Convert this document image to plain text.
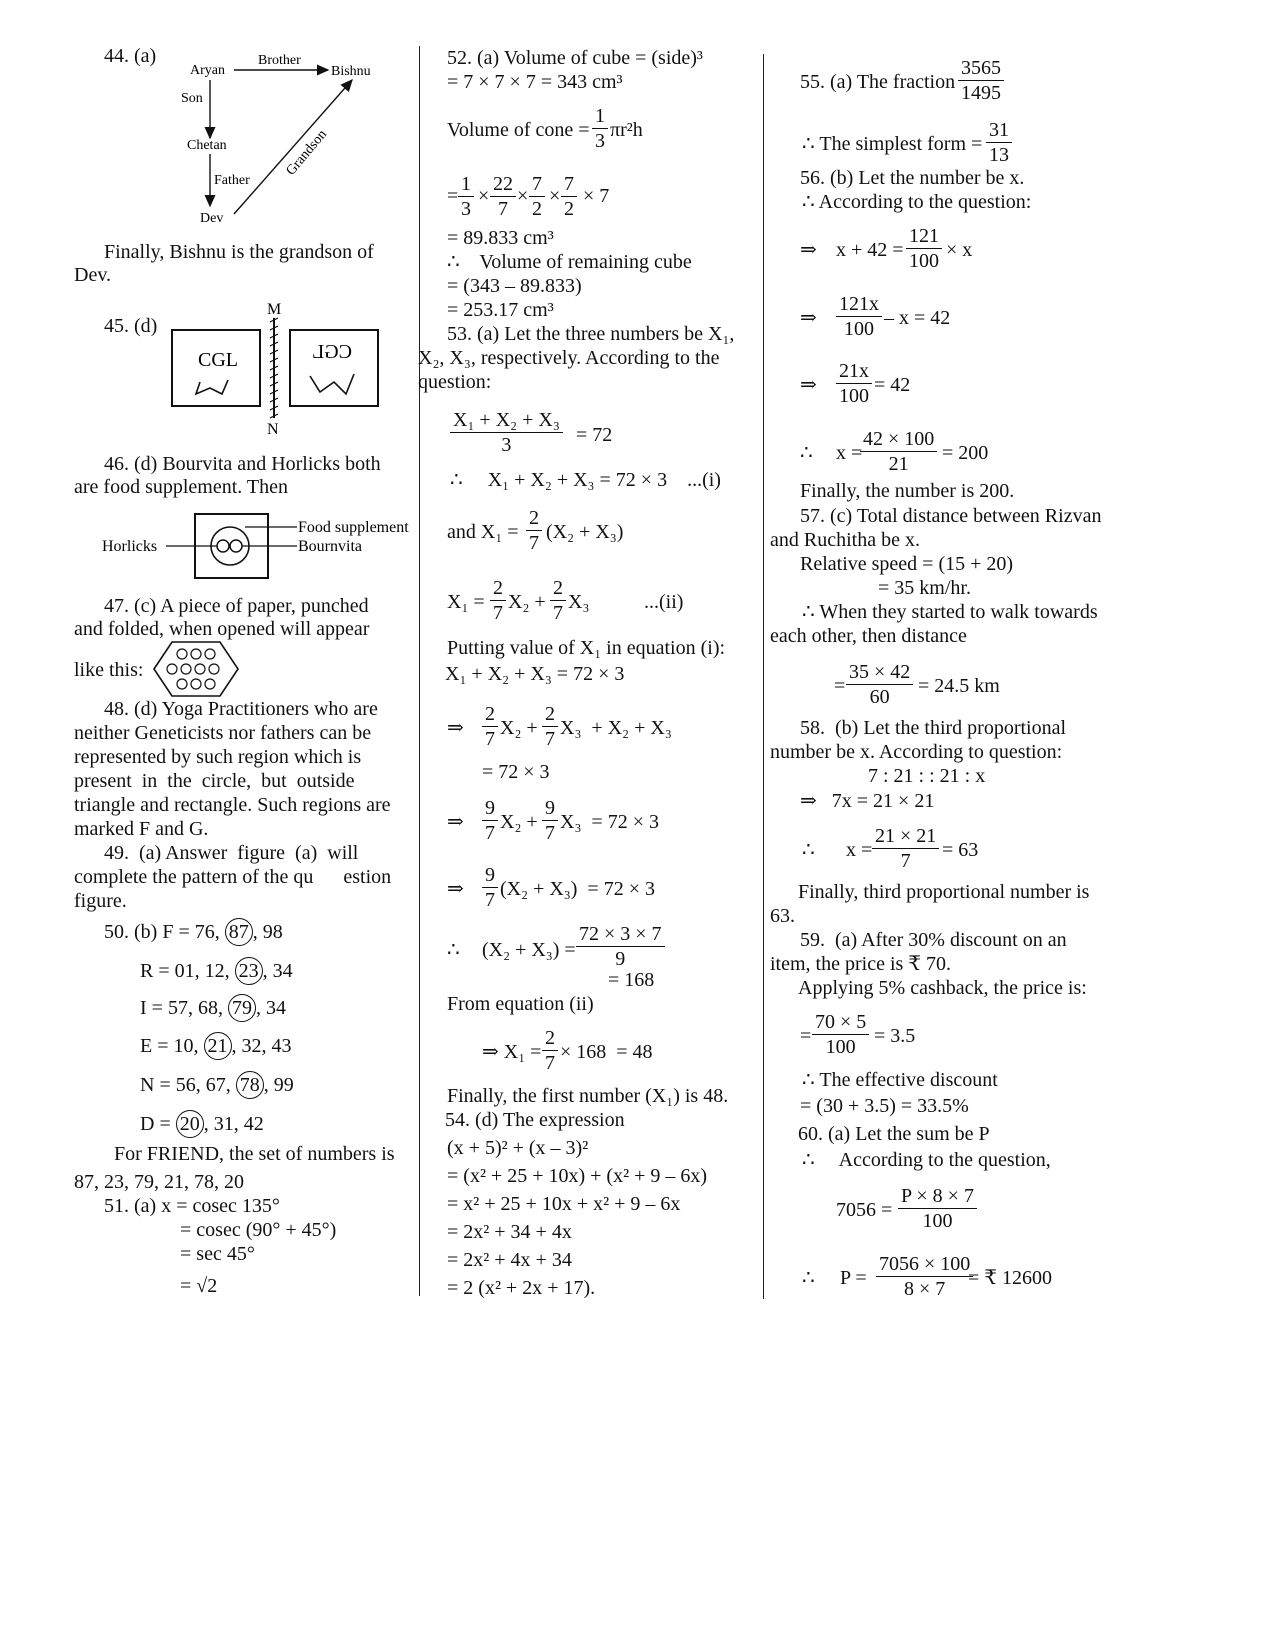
44. (a)
Aryan
Brother
Bishnu
Son
Chetan
Father
Dev
Grandson
Finally, Bishnu is the grandson of
Dev.
45. (d)
CGL
M
N
CGL
46. (d) Bourvita and Horlicks both
are food supplement. Then
Horlicks
Food supplement
Bournvita
47. (c) A piece of paper, punched
and folded, when opened will appear
like this:
48. (d) Yoga Practitioners who are
neither Geneticists nor fathers can be
represented by such region which is
present  in  the  circle,  but  outside
triangle and rectangle. Such regions are
marked F and G.
49.  (a) Answer  figure  (a)  will
complete the pattern of the qu      estion
figure.
50. (b) F = 76, 87 , 98
R = 01, 12, 23 , 34
I = 57, 68, 79 , 34
E = 10, 21 , 32, 43
N = 56, 67, 78 , 99
D = 20 , 31, 42
For FRIEND, the set of numbers is
87, 23, 79, 21, 78, 20
51. (a) x = cosec 135°
= cosec (90° + 45°)
= sec 45°
= √2
52. (a) Volume of cube = (side)³
= 7 × 7 × 7 = 343 cm³
Volume of cone = $\frac{1}{3} \pi r^2h$
= $\frac{1}{3} \times \frac{22}{7} \times \frac{7}{2} \times \frac{7}{2} \times 7$
= 89.833 cm³
∴    Volume of remaining cube
= (343 – 89.833)
= 253.17 cm³
53. (a) Let the three numbers be X₁,
X₂, X₃, respectively. According to the
question:
$\frac{\text{X₁ + X₂ + X₃}}{3} = 72$
∴     X₁ + X₂ + X₃ = 72 × 3    ...(i)
and $X_1 = \frac{2}{7} (X_2 + X_3)$
$X_1 = \frac{2}{7} X_2 + \frac{2}{7} X_3$	...(ii)
Putting value of X₁ in equation (i):
X₁ + X₂ + X₃ = 72 × 3
⇒ $\frac{2}{7} X_2 + \frac{2}{7} X_3 + X_2 + X_3$
= 72 × 3
⇒ $\frac{9}{7} X_2 + \frac{9}{7} X_3 = 72 \times 3$
⇒ $\frac{9}{7} (X_2 + X_3) = 72 \times 3$
∴ $(X_2 + X_3) = \frac{72 \times 3 \times 7}{9}$
= 168
From equation (ii)
⇒ $X_1 = \frac{2}{7} \times 168 = 48$
Finally, the first number (X₁) is 48.
54. (d) The expression
(x + 5)² + (x – 3)²
= (x² + 25 + 10x) + (x² + 9 – 6x)
= x² + 25 + 10x + x² + 9 – 6x
= 2x² + 34 + 4x
= 2x² + 4x + 34
= 2 (x² + 2x + 17).
55. (a) The fraction $\frac{3565}{1495}$
∴ The simplest form = $\frac{31}{13}$
56. (b) Let the number be x.
∴ According to the question:
⇒ $x + 42 = \frac{121}{100} \times x$
⇒ $\frac{121x}{100} - x = 42$
⇒ $\frac{21x}{100} = 42$
∴ x =
$\frac{42 \times 100}{21} = 200$
Finally, the number is 200.
57. (c) Total distance between Rizvan
and Ruchitha be x.
Relative speed = (15 + 20)
= 35 km/hr.
∴ When they started to walk towards
each other, then distance
= $\frac{35 \times 42}{60} = 24.5$ km
58.  (b) Let the third proportional
number be x. According to question:
7 : 21 : : 21 : x
⇒   7x = 21 × 21
∴ $x = \frac{21 \times 21}{7} = 63$
Finally, third proportional number is
63.
59.  (a) After 30% discount on an
item, the price is ₹ 70.
Applying 5% cashback, the price is:
= $\frac{70 \times 5}{100} = 3.5$
∴ The effective discount
= (30 + 3.5) = 33.5%
60. (a) Let the sum be P
∴     According to the question,
$7056 = \frac{P \times 8 \times 7}{100}$
∴ $P = \frac{7056 \times 100}{8 \times 7}$
= ₹ 12600
